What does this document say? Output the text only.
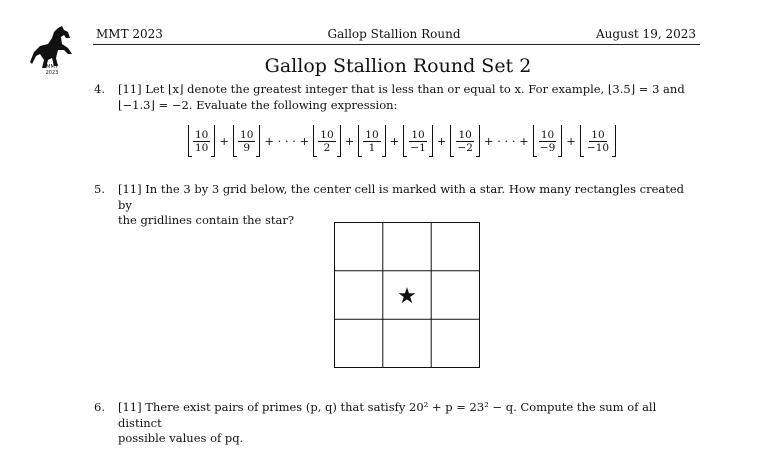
MMT
2023
MMT 2023	Gallop Stallion Round	August 19, 2023
Gallop Stallion Round Set 2
4. [11] Let ⌊x⌋ denote the greatest integer that is less than or equal to x. For example, ⌊3.5⌋ = 3 and
⌊−1.3⌋ = −2. Evaluate the following expression:
$\frac{10}{10} + \frac{10}{9}$ + · · · + $\frac{10}{2} + \frac{10}{1} + \frac{10}{-1} + \frac{10}{-2}$ + · · · + $\frac{10}{-9} + \frac{10}{-10}$
5. [11] In the 3 by 3 grid below, the center cell is marked with a star. How many rectangles created by
the gridlines contain the star?
★
6. [11] There exist pairs of primes (p, q) that satisfy 20² + p = 23² − q. Compute the sum of all distinct
possible values of pq.
